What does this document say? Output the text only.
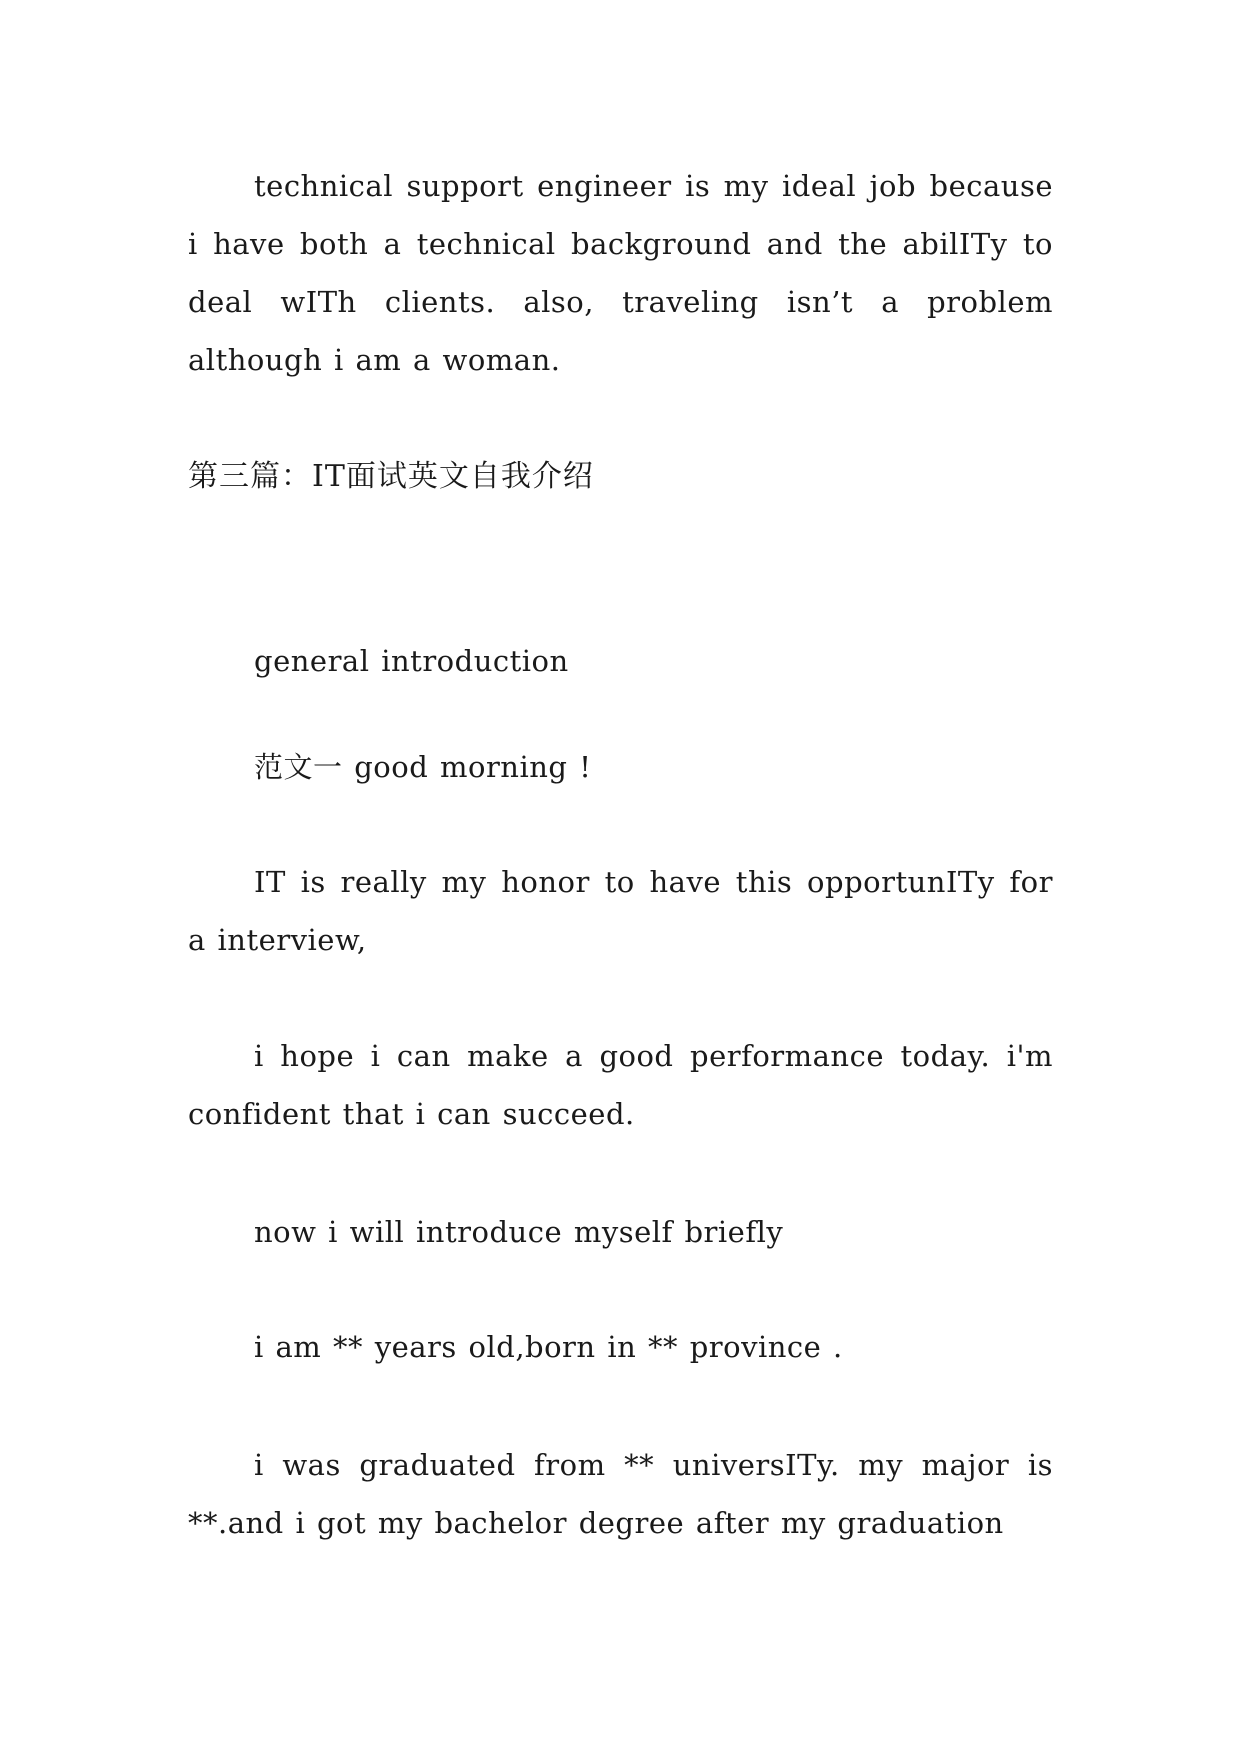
technical support engineer is my ideal job because i have both a technical background and the abilITy to deal wITh clients. also, traveling isn’t a problem although i am a woman.

第三篇：IT面试英文自我介绍

general introduction

范文一 good morning !

IT is really my honor to have this opportunITy for a interview,

i hope i can make a good performance today. i'm confident that i can succeed.

now i will introduce myself briefly

i am ** years old,born in ** province .

i was graduated from ** universITy. my major is **.and i got my bachelor degree after my graduation
